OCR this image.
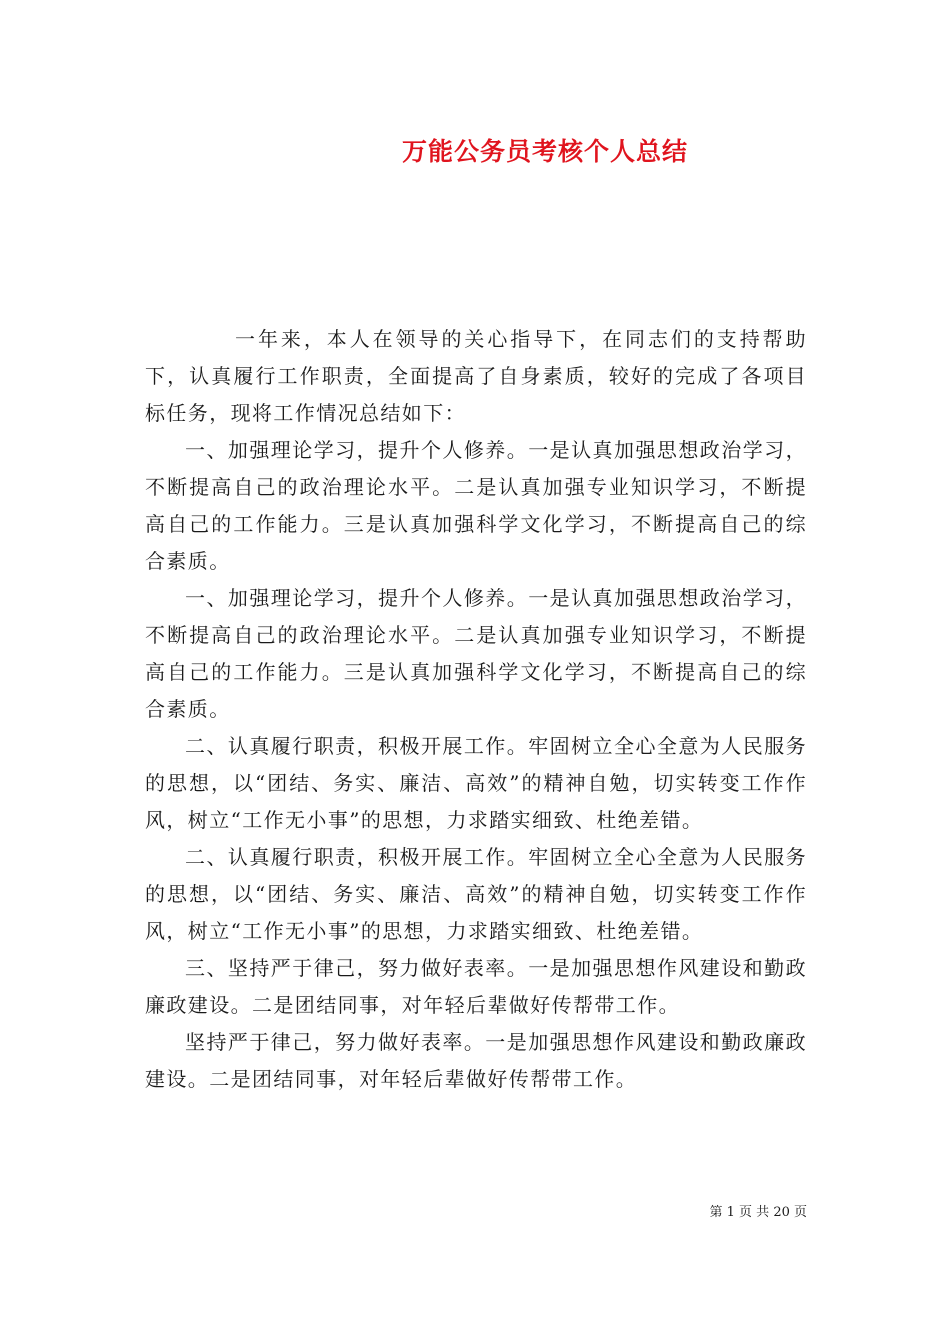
万能公务员考核个人总结

一年来，本人在领导的关心指导下，在同志们的支持帮助下，认真履行工作职责，全面提高了自身素质，较好的完成了各项目标任务，现将工作情况总结如下：

一、加强理论学习，提升个人修养。一是认真加强思想政治学习，不断提高自己的政治理论水平。二是认真加强专业知识学习，不断提高自己的工作能力。三是认真加强科学文化学习，不断提高自己的综合素质。

一、加强理论学习，提升个人修养。一是认真加强思想政治学习，不断提高自己的政治理论水平。二是认真加强专业知识学习，不断提高自己的工作能力。三是认真加强科学文化学习，不断提高自己的综合素质。

二、认真履行职责，积极开展工作。牢固树立全心全意为人民服务的思想，以“团结、务实、廉洁、高效”的精神自勉，切实转变工作作风，树立“工作无小事”的思想，力求踏实细致、杜绝差错。

二、认真履行职责，积极开展工作。牢固树立全心全意为人民服务的思想，以“团结、务实、廉洁、高效”的精神自勉，切实转变工作作风，树立“工作无小事”的思想，力求踏实细致、杜绝差错。

三、坚持严于律己，努力做好表率。一是加强思想作风建设和勤政廉政建设。二是团结同事，对年轻后辈做好传帮带工作。

坚持严于律己，努力做好表率。一是加强思想作风建设和勤政廉政建设。二是团结同事，对年轻后辈做好传帮带工作。

第 1 页 共 20 页
